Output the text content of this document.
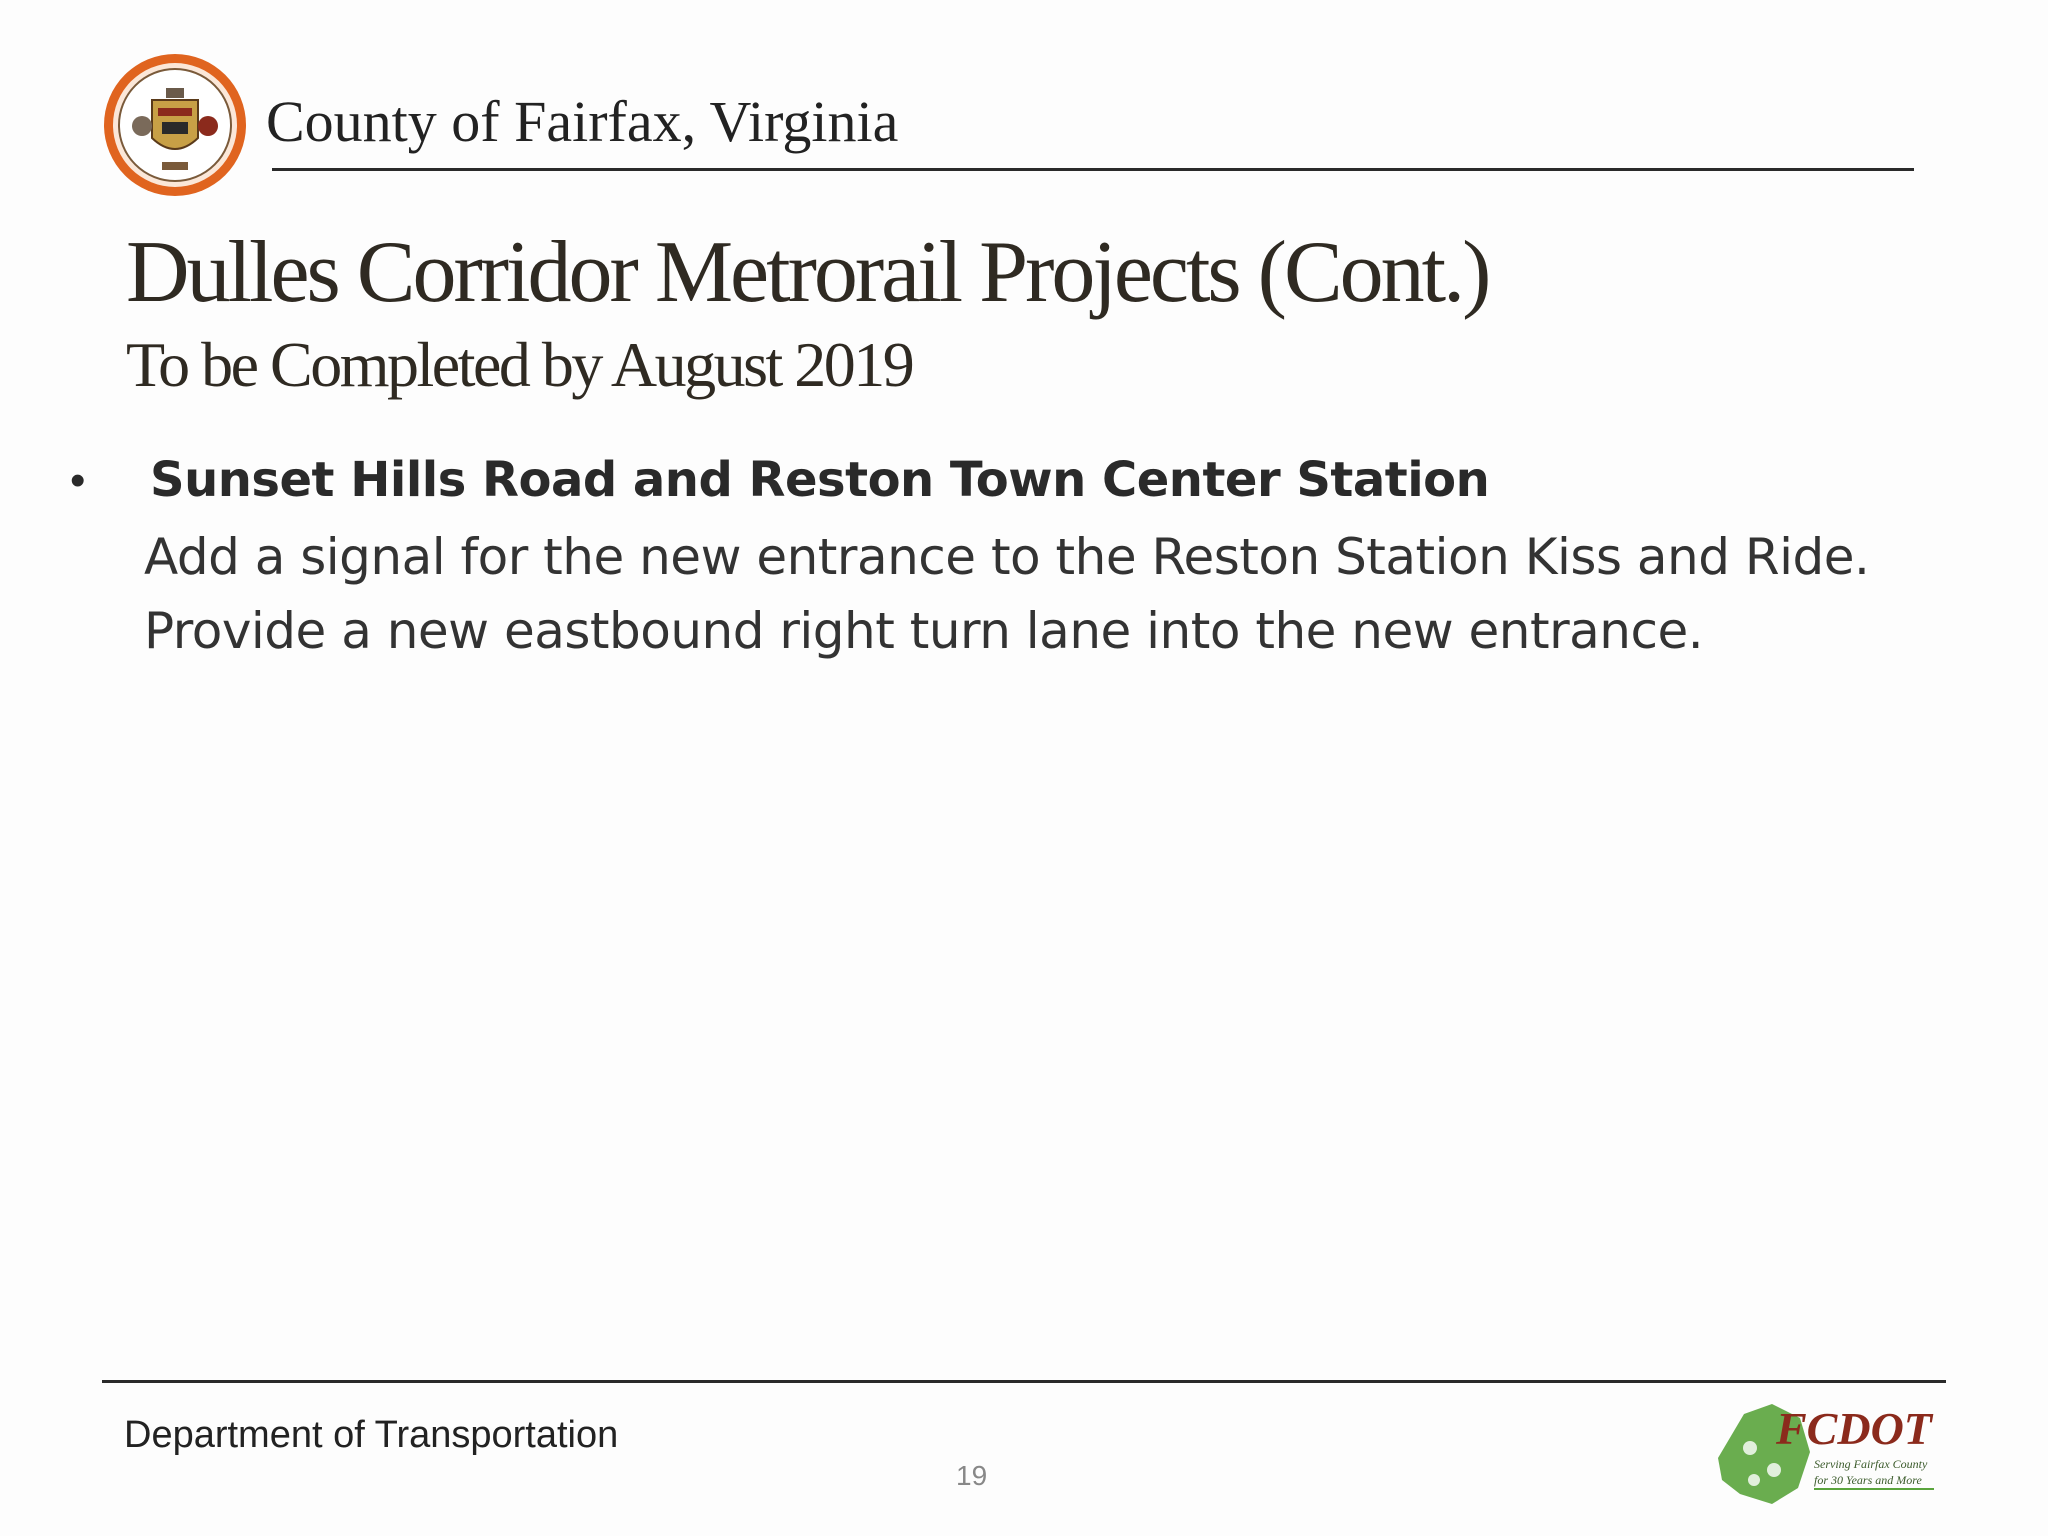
County of Fairfax, Virginia
Dulles Corridor Metrorail Projects (Cont.)
To be Completed by August 2019
• Sunset Hills Road and Reston Town Center Station
Add a signal for the new entrance to the Reston Station Kiss and Ride.
Provide a new eastbound right turn lane into the new entrance.
Department of Transportation
19
FCDOT
Serving Fairfax County
for 30 Years and More
